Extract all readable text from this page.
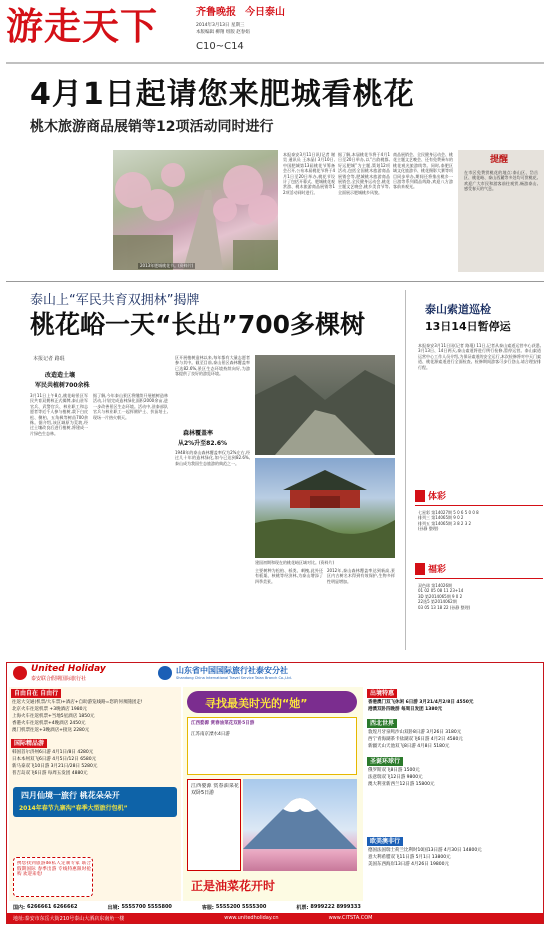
游走天下	齐鲁晚报 今日泰山
2014年3月13日 星期三
本版编辑 柳翔 组版 赵春娟
C10~C14
4月1日起请您来肥城看桃花
桃木旅游商品展销等12项活动同时进行
2013年肥城桃花节。(资料片)
本报泰安3月11日讯(记者 谢昊 通讯员 王冰晶) 3月10日,中国肥城第13届桃花节筹备会召开,公布本届桃花节将于4月1日至20日举办,桃花节设计了包括开幕式、肥城桃花观赏游、桃木旅游商品展销等12项活动同时进行。
据了解,本届桃花节将于4月1日至20日举办,以“古韵桃都,好运肥城”为主题,策划12项活动,包括全国桃木旅游商品展销会等,肥城桃木旅游商品展销会,全民健身运动会,桃花主题文艺晚会,桃乡美食节等,全面展示肥城桃乡风貌。
商品展销会、全民健身运动会、桃花主题文艺晚会、还有免费乘车的桃花观光旅游线等。同时,泰肥区域文化旅游节、桃花摄影大赛等项目同步举办,期间还将推出桃乡一日游等系列精品线路,欢迎八方游客前来观光。
提醒
在市区免费赏桃花的地点:泰山区、岱岳区、桃花峪、泰山西麓等多处均可赏桃花,欢迎广大市民和游客前往观赏,畅游泰山,感受春天的气息。
泰山上“军民共育双拥林”揭牌
桃花峪一天“长出”700多棵树
本报记者 路琨
改造造土壤
军民共植树700余株
3月11日上午8点,桃花峪景区军民共育双拥林正式揭牌,泰山驻军官兵、武警官兵、林业职工和志愿者等近千人参与植树,栽下白皮松、侧柏、五角枫等树苗700余株。据介绍,该区域原为荒坡,经过土壤改良后进行植树,将建成一片绿色生态林。
据了解,今年泰山景区将继续开展植树造林活动,计划完成造林绿化面积2000余亩,进一步改善景区生态环境。活动中,驻泰部队官兵与林业职工一起挥锹铲土、扶苗培土,现场一片热火朝天。
区开展植树造林以来,每年都有大量志愿者参与其中。截至目前,泰山景区森林覆盖率已达82.6%,景区生态环境持续向好,为游客提供了良好的游览环境。
森林覆盖率
从2%升至82.6%
1948年的泰山森林覆盖率仅为2%左右,经过几十年的造林绿化,如今已达到82.6%,泰山成为我国生态旅游的典范之一。
建国初期和现在的桃花峪区域对比。(资料片)
主要树种为松柏、栎类、刺槐,此外还有板栗、核桃等经济林,为泰山增添了四季美景。
2012年,泰山森林覆盖率达到新高,景区内古树名木得到有效保护,生物多样性明显增加。
泰山索道巡检
13日14日暂停运
本报泰安3月11日讯(记者 路琨) 11日,记者从泰山索道运营中心获悉,3月13日、14日两天,泰山索道将进行例行检修,暂停运营。泰山索道运营中心工作人员介绍,为保证索道的安全运行,本次检修将对中天门索道、桃花源索道进行全面检查。检修期间游客可步行登山,请合理安排行程。
体彩
七星彩 第14027期 5 0 6 5 0 0 8
排列三 第14065期 9 0 2
排列五 第14065期 3 8 2 3 2
(孙静 整理)
福彩
双色球 第14026期
01 02 05 08 11 23+14
3D 第2014065期 9 0 2
22选5 第2014062期
03 05 13 18 22 (孙静 整理)
United Holiday
泰安联合假期国际旅行社
山东省中国国际旅行社泰安分社
Shandong China International Travel Service Taian Branch Co.,Ltd.
自由自在 自由行
往返大交通(机票/大车票)+酒店+自助游览线路=您的何须随团走!
北京火车往返机票 +3晚酒店 1980元
上海火车往返机票+当地5星酒店 1850元
香港火车往返机票+4晚酒店 2450元
澳门机票往返+3晚酒店+接送 2280元
国际精品游
韩国首尔济州6日游 4月1日/8日 4280元
日本本州双飞6日游 4月5日/12日 6580元
新马泰双飞10日游 3月21日/28日 5280元
普吉岛双飞6日游 每周五发团 4880元
四月仙境一旅行 桃花朵朵开
2014年春节九寨沟“春季大型旅行包机”
携您找到旅游de私人定制专家 联合假期国际 春季出游 专线特惠限时抢购 欢迎来电!
寻找最美时光的“她”
江西婺源 赏春油菜花双卧5日游
江苏南京溧水4日游
江西婺源 赏春油菜花双卧5日游
正是油菜花开时
出境特惠
香港澳门双飞休闲 6日游 3月21/4月2/8日 4550元
港澳双卧四晚游 每周日发团 1380元
西北世界
敦煌月牙泉鸣沙山双卧8日游 3月26日 3180元
西宁青海湖茶卡盐湖双飞6日游 4月2日 4580元
新疆天山天池双飞8日游 4月8日 5180元
圣诞环球行
俄罗斯双飞8日游 1500元
法意瑞双飞12日游 9800元
澳大利亚新西兰12日游 15800元
欧美澳非行
德国法国瑞士荷兰比利时10国13日游 4月30日 14800元
意大利希腊双飞11日游 5月1日 13800元
美国东西海岸13日游 4月26日 19800元
国内: 6266661 6266662	出境: 5555700 5555800	客服: 5555200 5555300	机票: 8999222 8999333
地址:泰安市东岳大街210号泰山大酒店东南角一楼	www.unitedholiday.cn	www.CITSTA.COM
